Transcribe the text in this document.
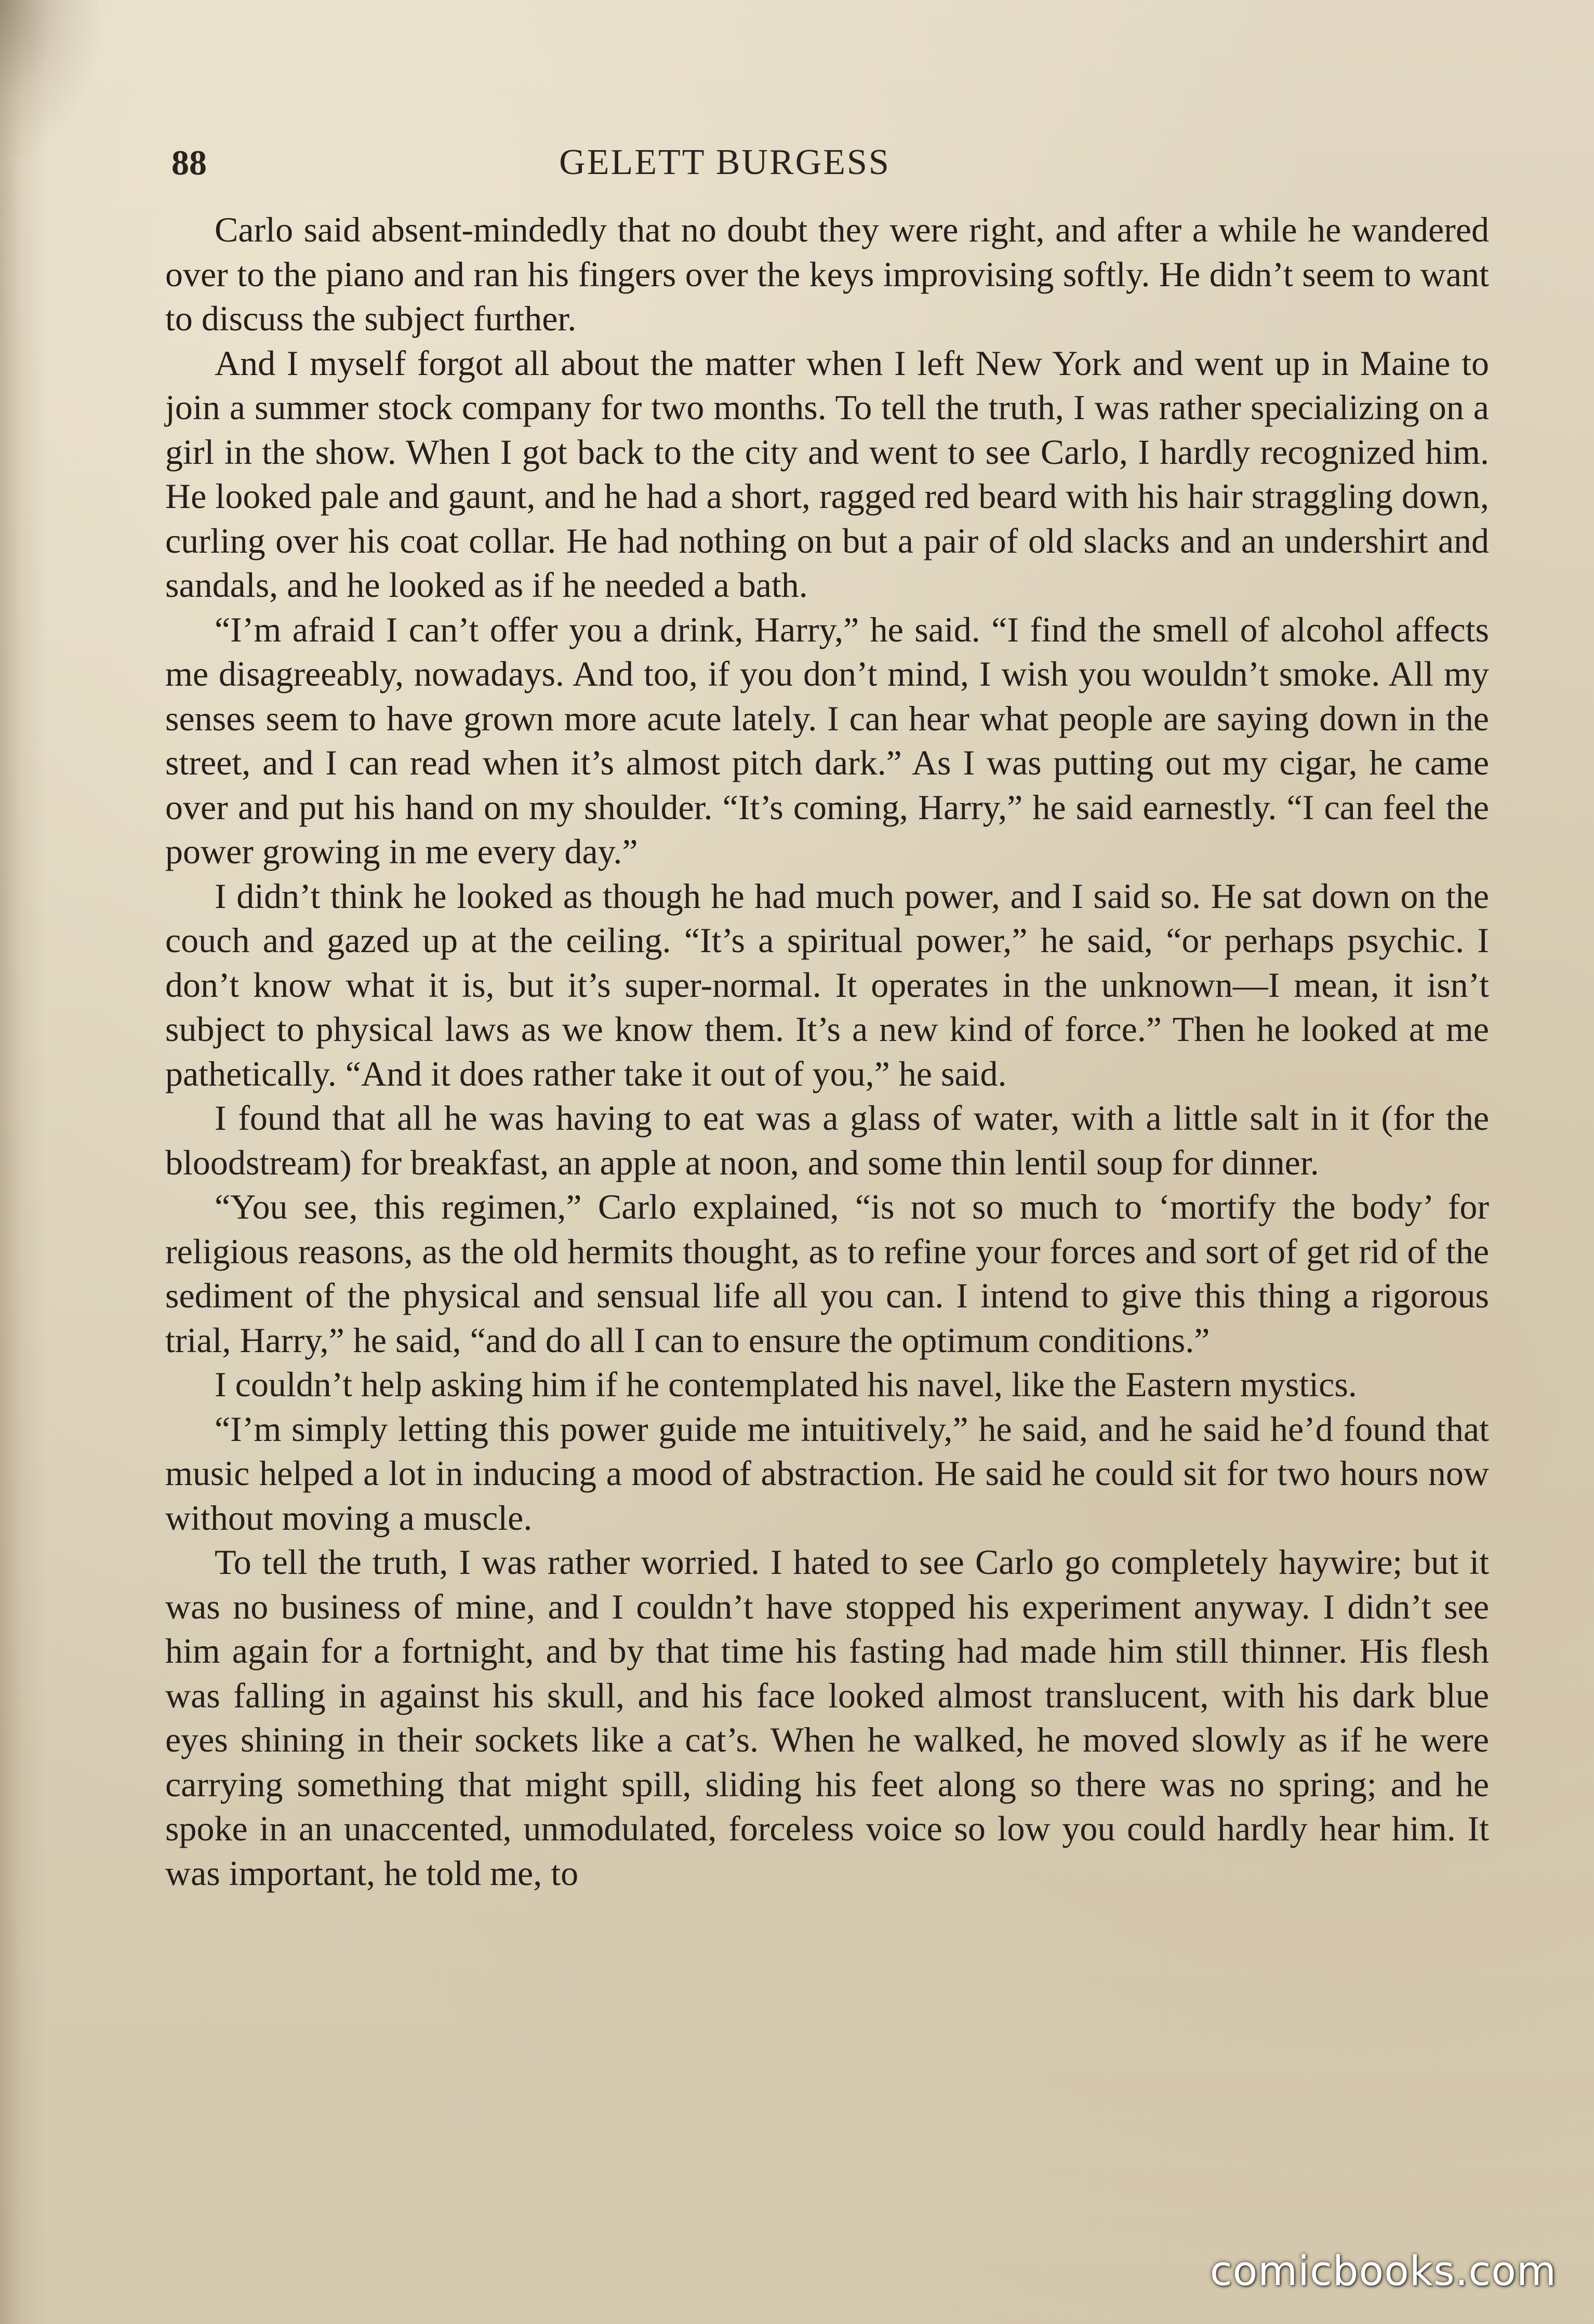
88	GELETT BURGESS

Carlo said absent-mindedly that no doubt they were right, and after a while he wandered over to the piano and ran his fingers over the keys improvising softly. He didn’t seem to want to discuss the subject further.

And I myself forgot all about the matter when I left New York and went up in Maine to join a summer stock company for two months. To tell the truth, I was rather specializing on a girl in the show. When I got back to the city and went to see Carlo, I hardly recognized him. He looked pale and gaunt, and he had a short, ragged red beard with his hair straggling down, curling over his coat collar. He had nothing on but a pair of old slacks and an undershirt and sandals, and he looked as if he needed a bath.

“I’m afraid I can’t offer you a drink, Harry,” he said. “I find the smell of alcohol affects me disagreeably, nowadays. And too, if you don’t mind, I wish you wouldn’t smoke. All my senses seem to have grown more acute lately. I can hear what people are saying down in the street, and I can read when it’s almost pitch dark.” As I was putting out my cigar, he came over and put his hand on my shoulder. “It’s coming, Harry,” he said earnestly. “I can feel the power growing in me every day.”

I didn’t think he looked as though he had much power, and I said so. He sat down on the couch and gazed up at the ceiling. “It’s a spiritual power,” he said, “or perhaps psychic. I don’t know what it is, but it’s super-normal. It operates in the unknown—I mean, it isn’t subject to physical laws as we know them. It’s a new kind of force.” Then he looked at me pathetically. “And it does rather take it out of you,” he said.

I found that all he was having to eat was a glass of water, with a little salt in it (for the bloodstream) for breakfast, an apple at noon, and some thin lentil soup for dinner.

“You see, this regimen,” Carlo explained, “is not so much to ‘mortify the body’ for religious reasons, as the old hermits thought, as to refine your forces and sort of get rid of the sediment of the physical and sensual life all you can. I intend to give this thing a rigorous trial, Harry,” he said, “and do all I can to ensure the optimum conditions.”

I couldn’t help asking him if he contemplated his navel, like the Eastern mystics.

“I’m simply letting this power guide me intuitively,” he said, and he said he’d found that music helped a lot in inducing a mood of abstraction. He said he could sit for two hours now without moving a muscle.

To tell the truth, I was rather worried. I hated to see Carlo go completely haywire; but it was no business of mine, and I couldn’t have stopped his experiment anyway. I didn’t see him again for a fortnight, and by that time his fasting had made him still thinner. His flesh was falling in against his skull, and his face looked almost translucent, with his dark blue eyes shining in their sockets like a cat’s. When he walked, he moved slowly as if he were carrying something that might spill, sliding his feet along so there was no spring; and he spoke in an unaccented, unmodulated, forceless voice so low you could hardly hear him. It was important, he told me, to

comicbooks.com
